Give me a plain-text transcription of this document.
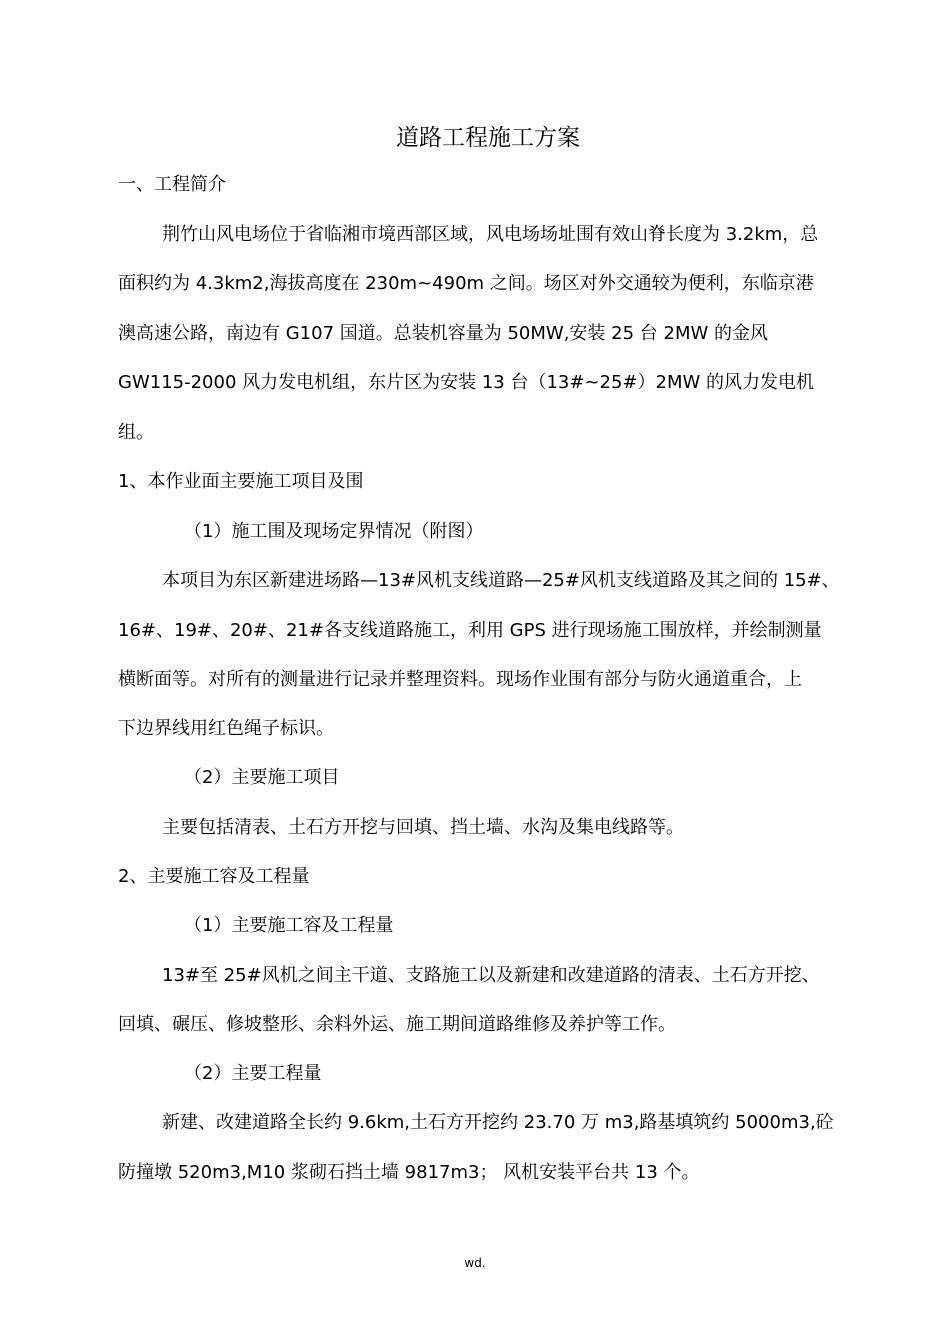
道路工程施工方案
一、工程简介
荆竹山风电场位于省临湘市境西部区域，风电场场址围有效山脊长度为 3.2km，总
面积约为 4.3km2,海拔高度在 230m~490m 之间。场区对外交通较为便利，东临京港
澳高速公路，南边有 G107 国道。总装机容量为 50MW,安装 25 台 2MW 的金风
GW115-2000 风力发电机组，东片区为安装 13 台（13#~25#）2MW 的风力发电机
组。
1、本作业面主要施工项目及围
（1）施工围及现场定界情况（附图）
本项目为东区新建进场路—13#风机支线道路—25#风机支线道路及其之间的 15#、
16#、19#、20#、21#各支线道路施工，利用 GPS 进行现场施工围放样，并绘制测量
横断面等。对所有的测量进行记录并整理资料。现场作业围有部分与防火通道重合，上
下边界线用红色绳子标识。
（2）主要施工项目
主要包括清表、土石方开挖与回填、挡土墙、水沟及集电线路等。
2、主要施工容及工程量
（1）主要施工容及工程量
13#至 25#风机之间主干道、支路施工以及新建和改建道路的清表、土石方开挖、
回填、碾压、修坡整形、余料外运、施工期间道路维修及养护等工作。
（2）主要工程量
新建、改建道路全长约 9.6km,土石方开挖约 23.70 万 m3,路基填筑约 5000m3,砼
防撞墩 520m3,M10 浆砌石挡土墙 9817m3； 风机安装平台共 13 个。
wd.
